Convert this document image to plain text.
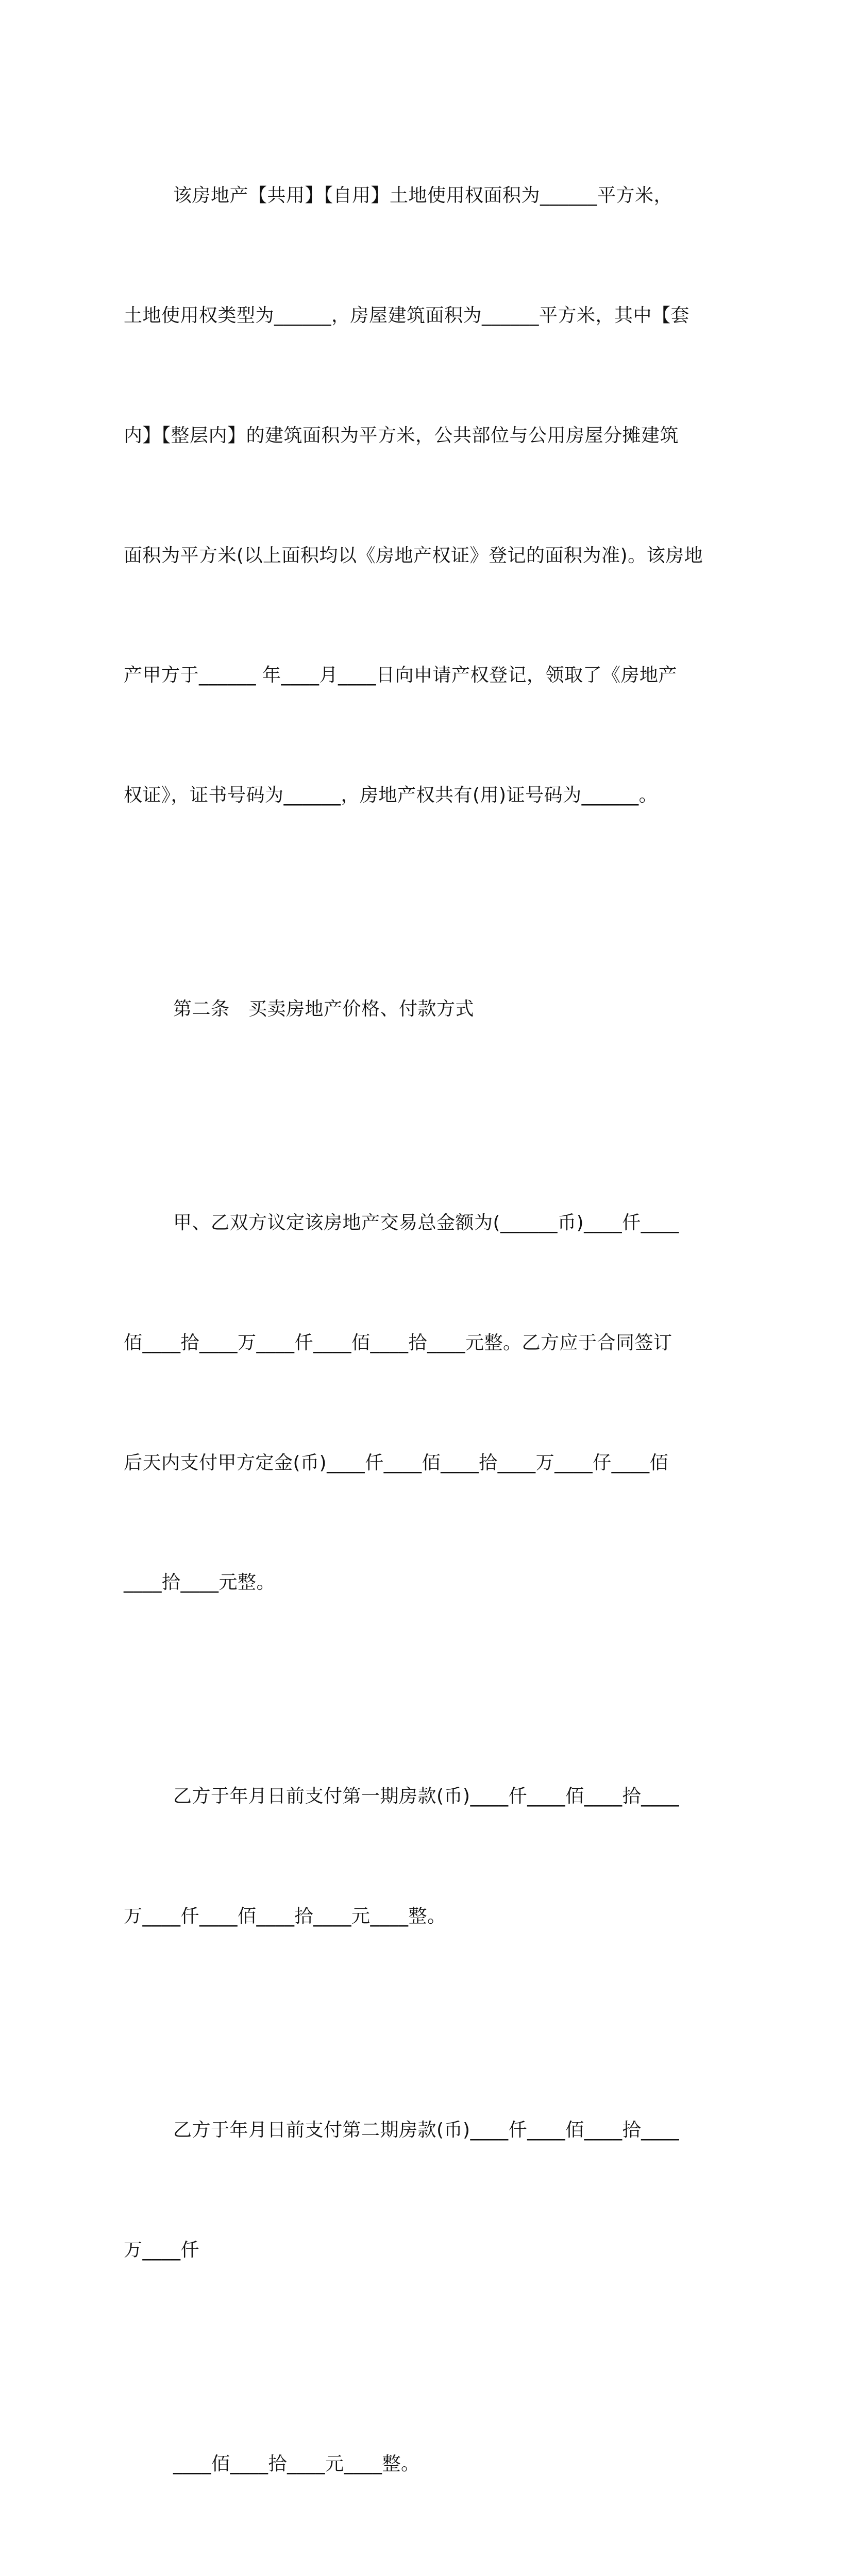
该房地产【共用】【自用】土地使用权面积为______平方米，

土地使用权类型为______，房屋建筑面积为______平方米，其中【套

内】【整层内】的建筑面积为平方米，公共部位与公用房屋分摊建筑

面积为平方米(以上面积均以《房地产权证》登记的面积为准)。该房地

产甲方于______ 年____月____日向申请产权登记，领取了《房地产

权证》，证书号码为______，房地产权共有(用)证号码为______。

第二条　买卖房地产价格、付款方式

甲、乙双方议定该房地产交易总金额为(______币)____仟____

佰____拾____万____仟____佰____拾____元整。乙方应于合同签订

后天内支付甲方定金(币)____仟____佰____拾____万____仔____佰

____拾____元整。

乙方于年月日前支付第一期房款(币)____仟____佰____拾____

万____仟____佰____拾____元____整。

乙方于年月日前支付第二期房款(币)____仟____佰____拾____

万____仟

____佰____拾____元____整。
